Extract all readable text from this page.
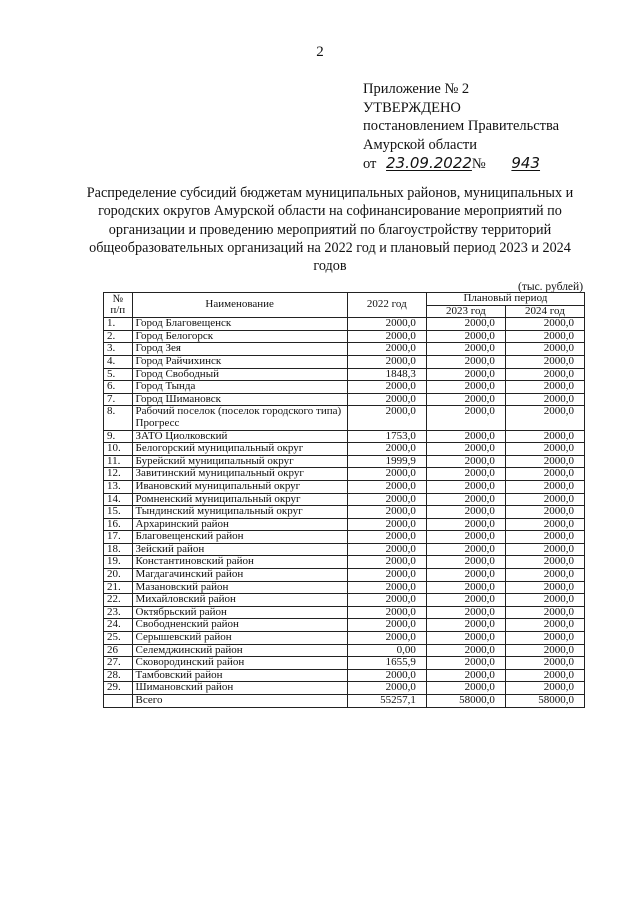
2
Приложение № 2
УТВЕРЖДЕНО
постановлением Правительства
Амурской области
от 23.09.2022№ 943
Распределение субсидий бюджетам муниципальных районов, муниципальных и городских округов Амурской области на софинансирование мероприятий по организации и проведению мероприятий по благоустройству территорий общеобразовательных организаций на 2022 год и плановый период 2023 и 2024 годов
(тыс. рублей)
№ п/п	Наименование	2022 год	Плановый период	
			2023 год	2024 год
1.	Город Благовещенск	2000,0	2000,0	2000,0
2.	Город Белогорск	2000,0	2000,0	2000,0
3.	Город Зея	2000,0	2000,0	2000,0
4.	Город Райчихинск	2000,0	2000,0	2000,0
5.	Город Свободный	1848,3	2000,0	2000,0
6.	Город Тында	2000,0	2000,0	2000,0
7.	Город Шимановск	2000,0	2000,0	2000,0
8.	Рабочий поселок (поселок городского типа) Прогресс	2000,0	2000,0	2000,0
9.	ЗАТО Циолковский	1753,0	2000,0	2000,0
10.	Белогорский муниципальный округ	2000,0	2000,0	2000,0
11.	Бурейский муниципальный округ	1999,9	2000,0	2000,0
12.	Завитинский муниципальный округ	2000,0	2000,0	2000,0
13.	Ивановский муниципальный округ	2000,0	2000,0	2000,0
14.	Ромненский муниципальный округ	2000,0	2000,0	2000,0
15.	Тындинский муниципальный округ	2000,0	2000,0	2000,0
16.	Архаринский район	2000,0	2000,0	2000,0
17.	Благовещенский район	2000,0	2000,0	2000,0
18.	Зейский район	2000,0	2000,0	2000,0
19.	Константиновский район	2000,0	2000,0	2000,0
20.	Магдагачинский район	2000,0	2000,0	2000,0
21.	Мазановский район	2000,0	2000,0	2000,0
22.	Михайловский район	2000,0	2000,0	2000,0
23.	Октябрьский район	2000,0	2000,0	2000,0
24.	Свободненский район	2000,0	2000,0	2000,0
25.	Серышевский район	2000,0	2000,0	2000,0
26	Селемджинский район	0,00	2000,0	2000,0
27.	Сковородинский район	1655,9	2000,0	2000,0
28.	Тамбовский район	2000,0	2000,0	2000,0
29.	Шимановский район	2000,0	2000,0	2000,0
	Всего	55257,1	58000,0	58000,0
